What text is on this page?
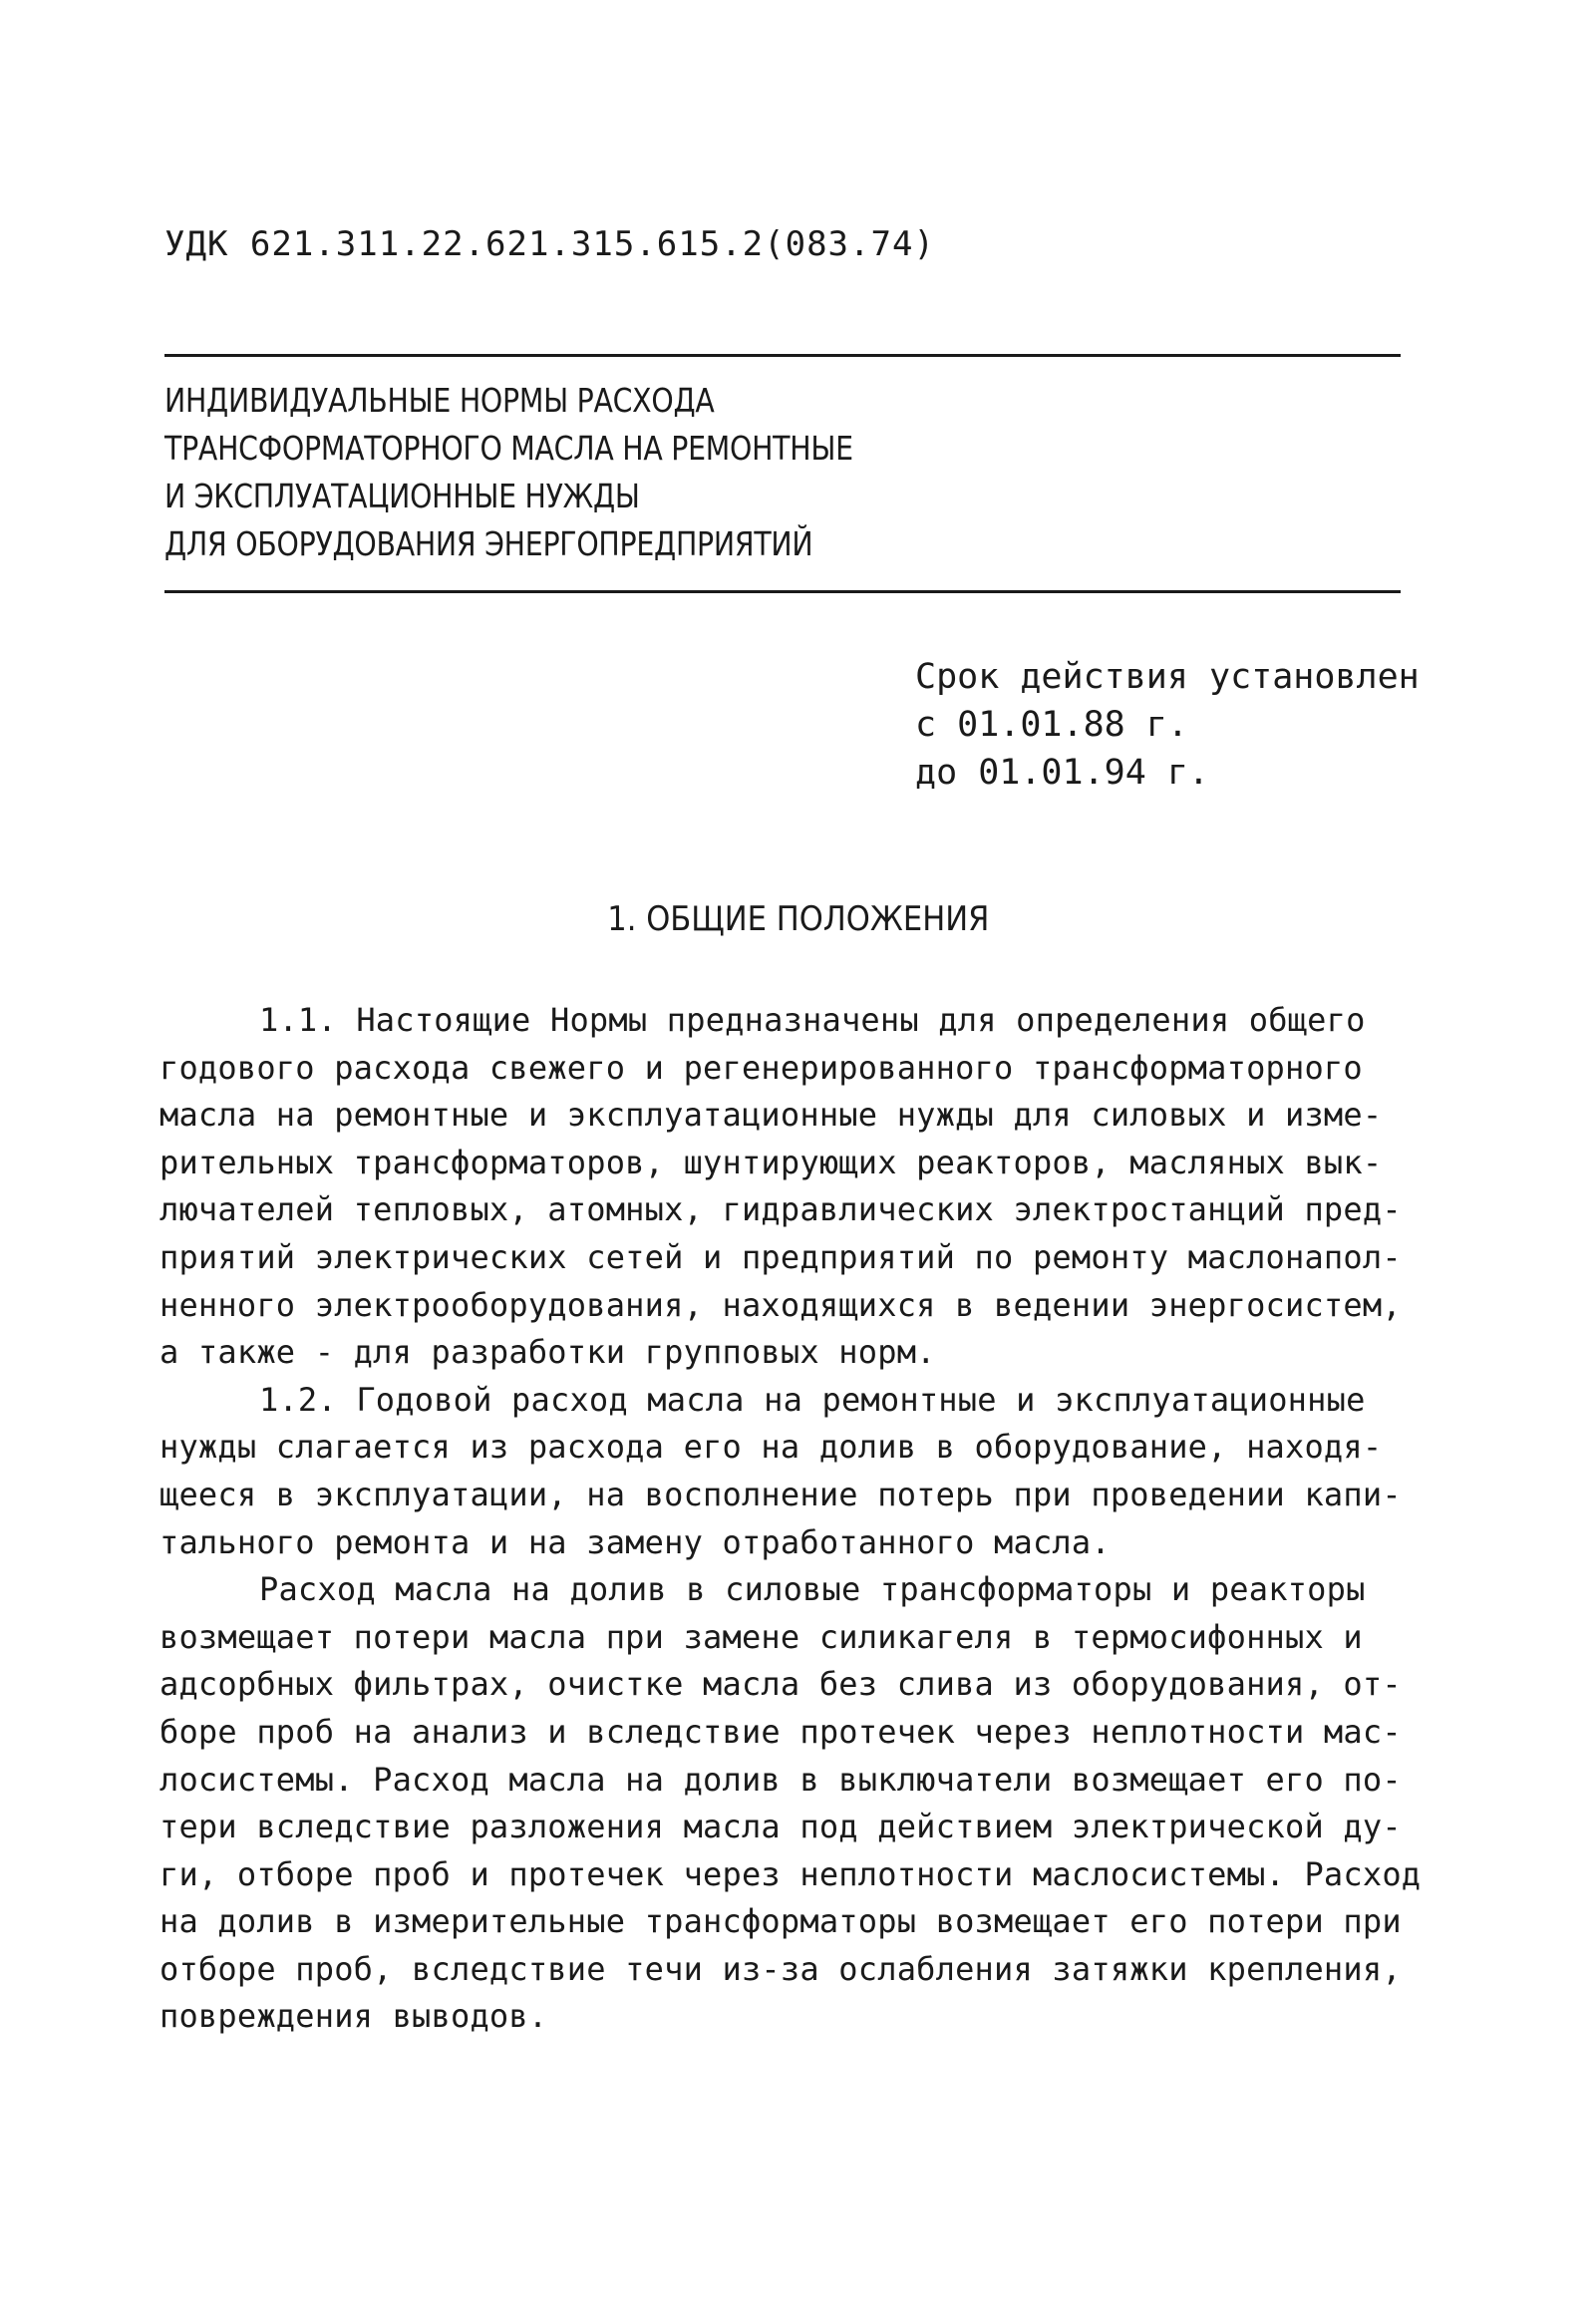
УДК 621.311.22.621.315.615.2(083.74)
ИНДИВИДУАЛЬНЫЕ НОРМЫ РАСХОДА
ТРАНСФОРМАТОРНОГО МАСЛА НА РЕМОНТНЫЕ
И ЭКСПЛУАТАЦИОННЫЕ НУЖДЫ
ДЛЯ ОБОРУДОВАНИЯ ЭНЕРГОПРЕДПРИЯТИЙ
Срок действия установлен
с 01.01.88 г.
до 01.01.94 г.
1. ОБЩИЕ ПОЛОЖЕНИЯ
1.1. Настоящие Нормы предназначены для определения общего
годового расхода свежего и регенерированного трансформаторного
масла на ремонтные и эксплуатационные нужды для силовых и изме-
рительных трансформаторов, шунтирующих реакторов, масляных вык-
лючателей тепловых, атомных, гидравлических электростанций пред-
приятий электрических сетей и предприятий по ремонту маслонапол-
ненного электрооборудования, находящихся в ведении энергосистем,
а также - для разработки групповых норм.
1.2. Годовой расход масла на ремонтные и эксплуатационные
нужды слагается из расхода его на долив в оборудование, находя-
щееся в эксплуатации, на восполнение потерь при проведении капи-
тального ремонта и на замену отработанного масла.
Расход масла на долив в силовые трансформаторы и реакторы
возмещает потери масла при замене силикагеля в термосифонных и
адсорбных фильтрах, очистке масла без слива из оборудования, от-
боре проб на анализ и вследствие протечек через неплотности мас-
лосистемы. Расход масла на долив в выключатели возмещает его по-
тери вследствие разложения масла под действием электрической ду-
ги, отборе проб и протечек через неплотности маслосистемы. Расход
на долив в измерительные трансформаторы возмещает его потери при
отборе проб, вследствие течи из-за ослабления затяжки крепления,
повреждения выводов.
